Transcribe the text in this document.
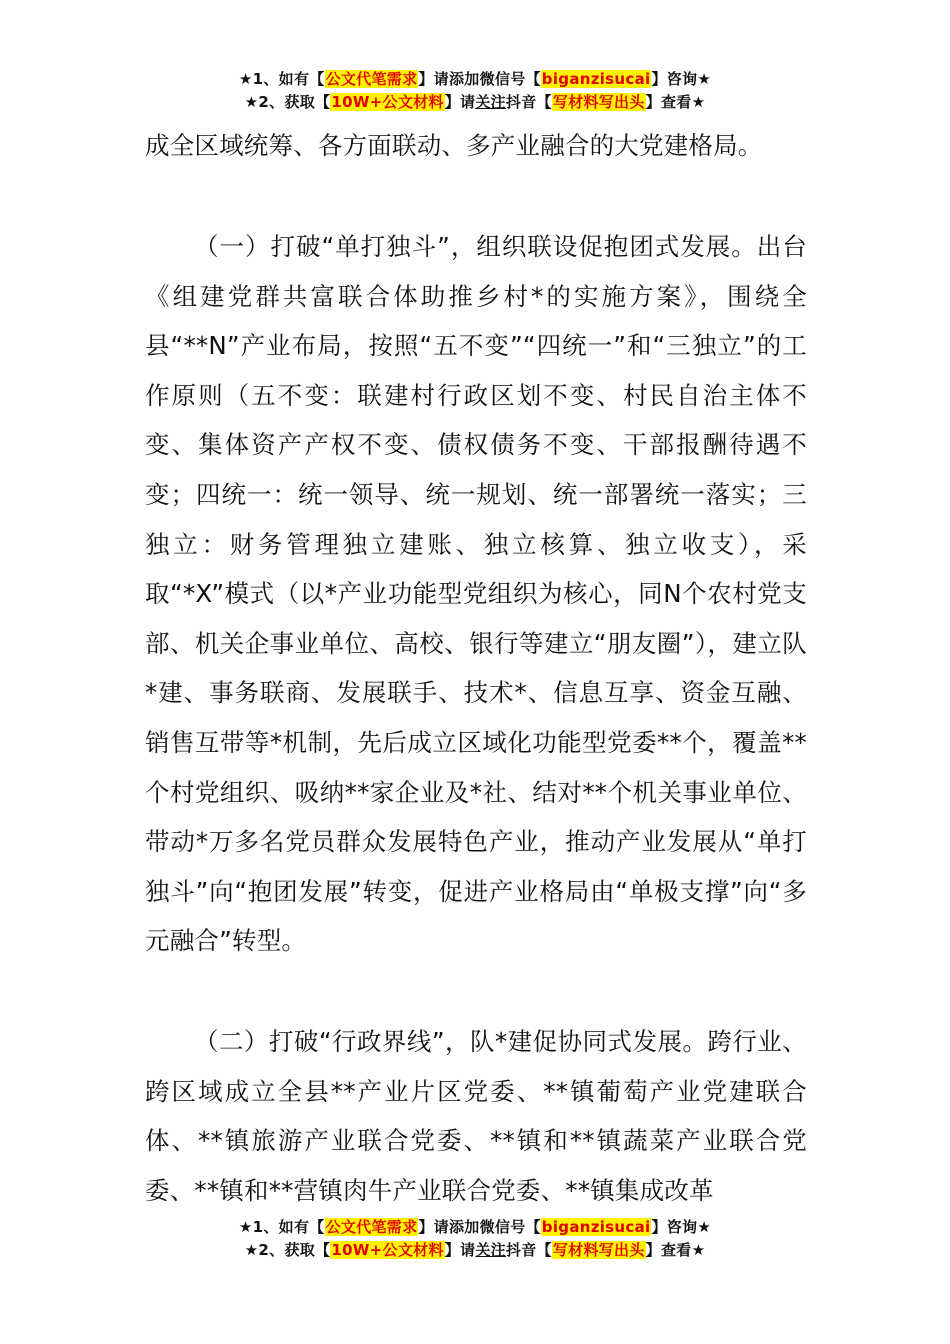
★1、如有【公文代笔需求】请添加微信号【biganzisucai】咨询★
★2、获取【10W+公文材料】请关注抖音【写材料写出头】查看★

成全区域统筹、各方面联动、多产业融合的大党建格局。

（一）打破“单打独斗”，组织联设促抱团式发展。出台《组建党群共富联合体助推乡村*的实施方案》，围绕全县“**N”产业布局，按照“五不变”“四统一”和“三独立”的工作原则（五不变：联建村行政区划不变、村民自治主体不变、集体资产产权不变、债权债务不变、干部报酬待遇不变；四统一：统一领导、统一规划、统一部署统一落实；三独立：财务管理独立建账、独立核算、独立收支），采取“*X”模式（以*产业功能型党组织为核心，同N个农村党支部、机关企事业单位、高校、银行等建立“朋友圈”），建立队*建、事务联商、发展联手、技术*、信息互享、资金互融、销售互带等*机制，先后成立区域化功能型党委**个，覆盖**个村党组织、吸纳**家企业及*社、结对**个机关事业单位、带动*万多名党员群众发展特色产业，推动产业发展从“单打独斗”向“抱团发展”转变，促进产业格局由“单极支撑”向“多元融合”转型。

（二）打破“行政界线”，队*建促协同式发展。跨行业、跨区域成立全县**产业片区党委、**镇葡萄产业党建联合体、**镇旅游产业联合党委、**镇和**镇蔬菜产业联合党委、**镇和**营镇肉牛产业联合党委、**镇集成改革

★1、如有【公文代笔需求】请添加微信号【biganzisucai】咨询★
★2、获取【10W+公文材料】请关注抖音【写材料写出头】查看★
